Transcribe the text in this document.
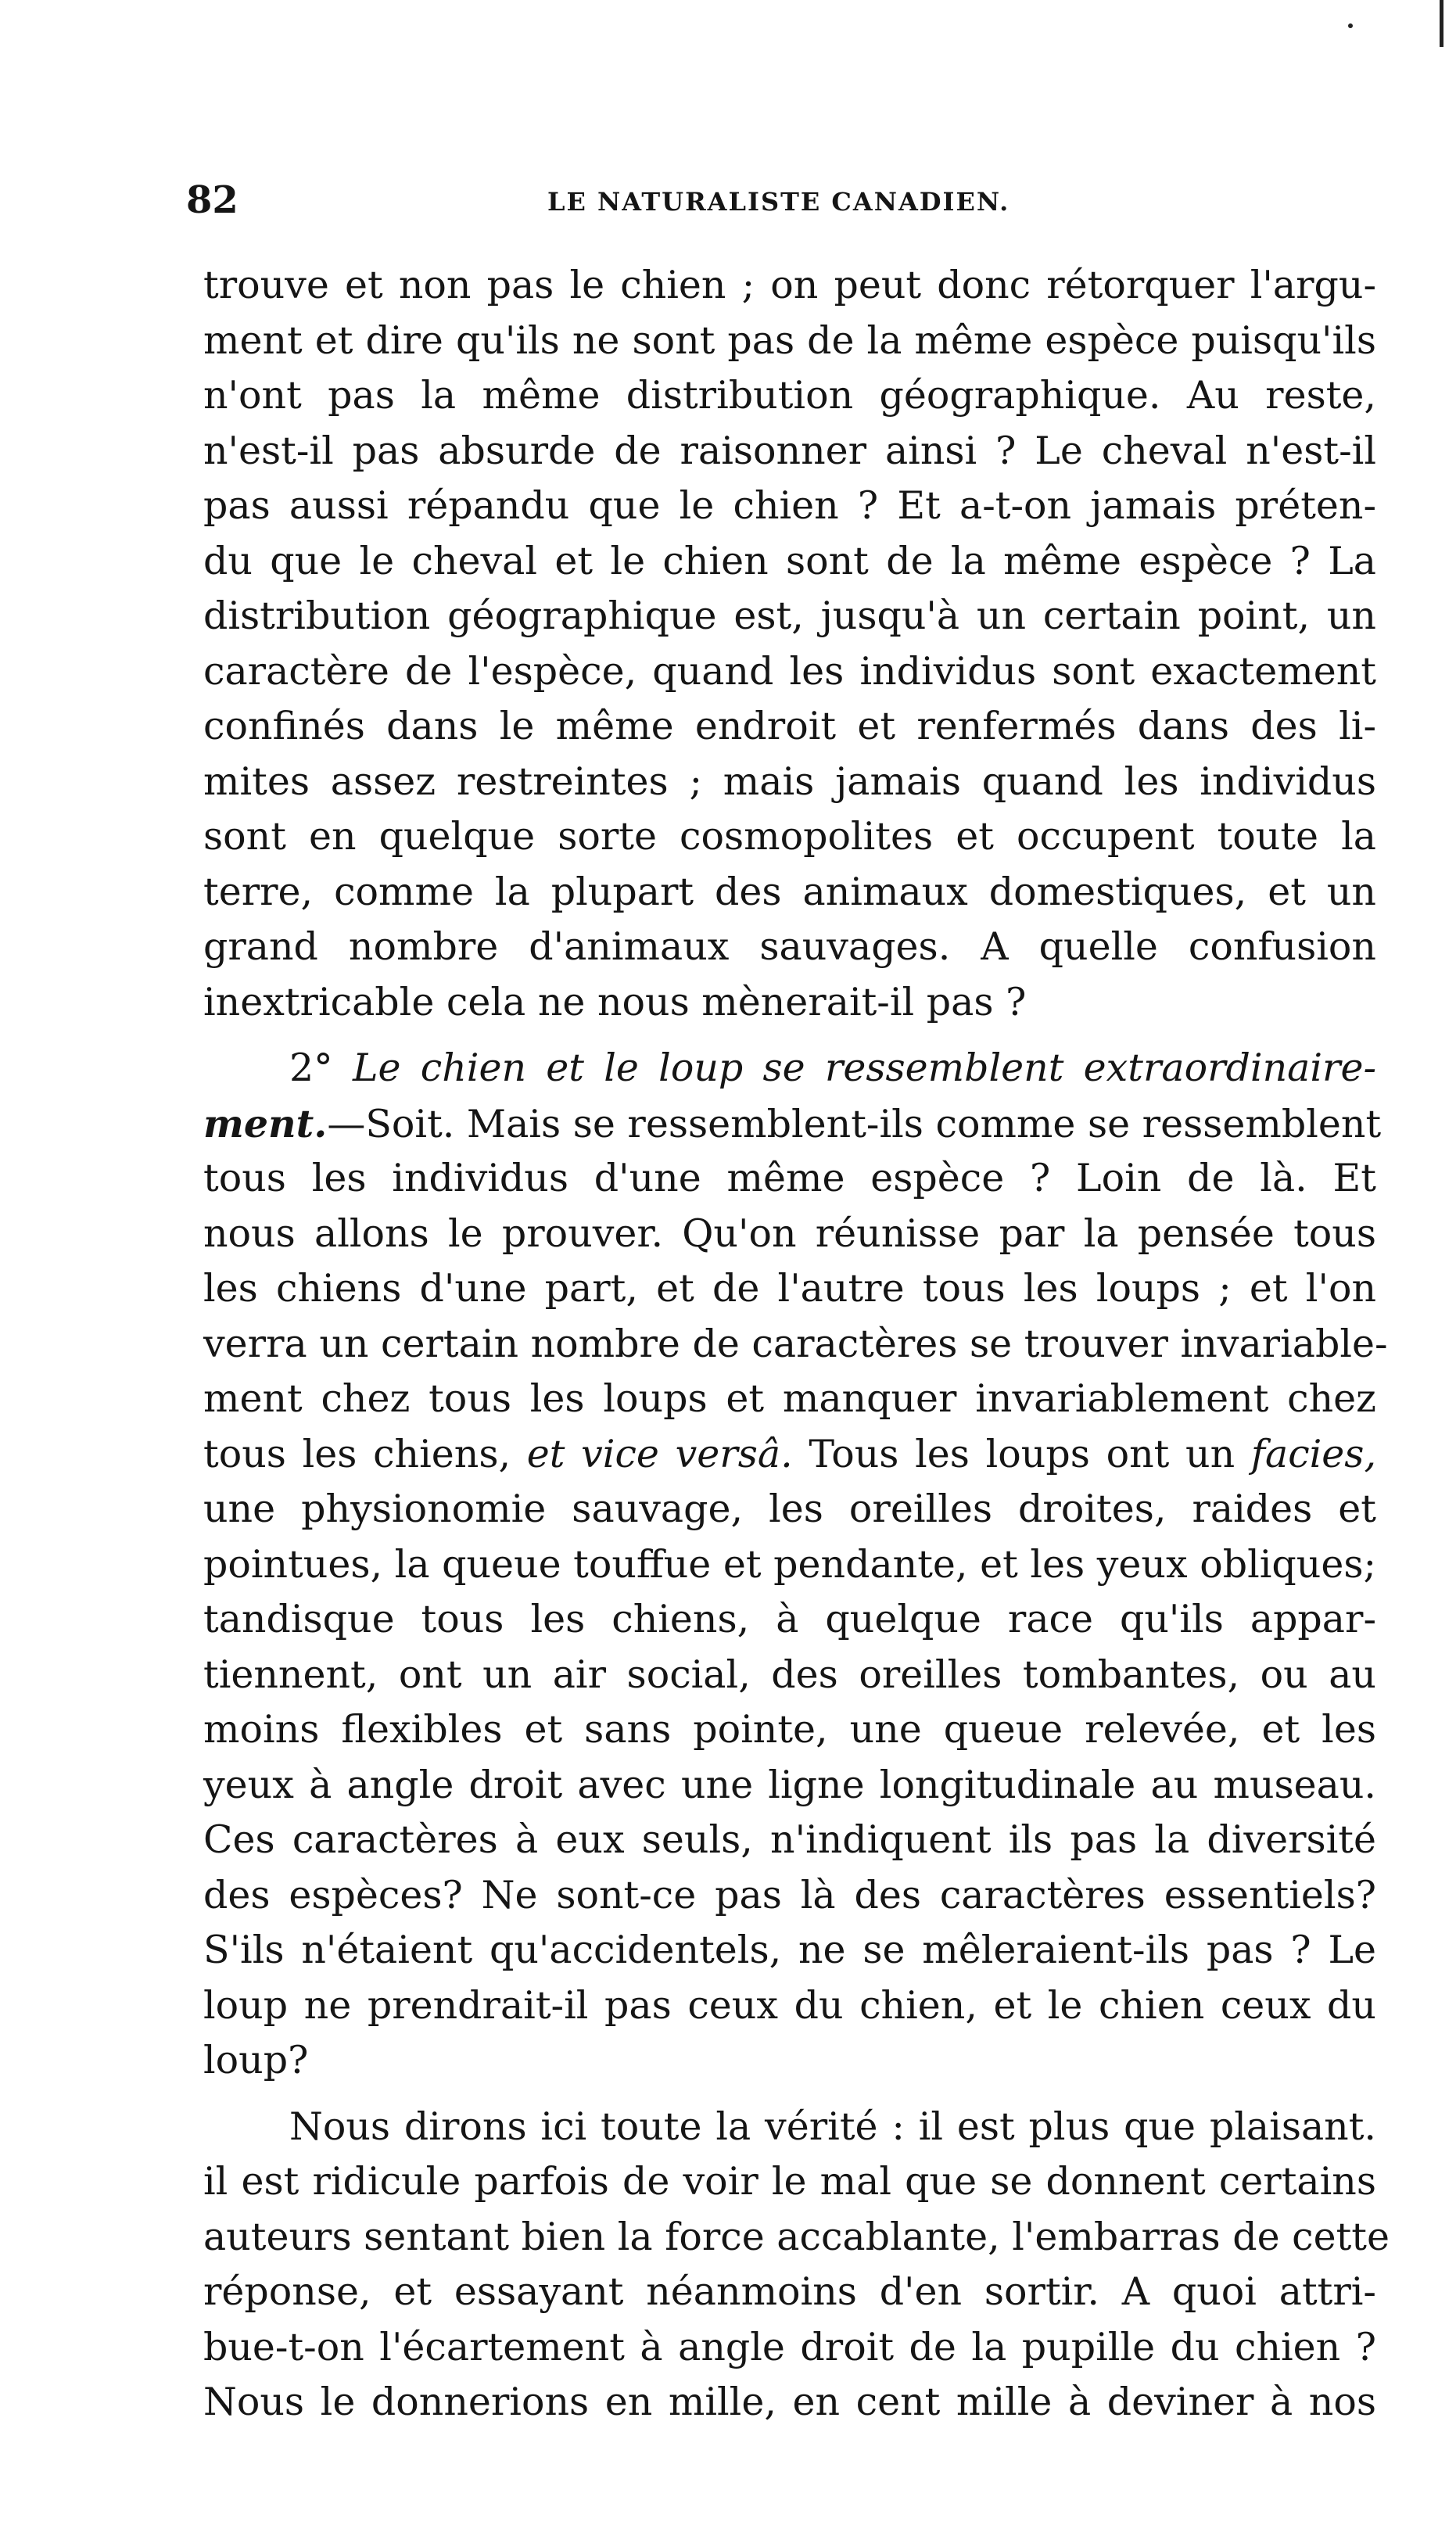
82	LE NATURALISTE CANADIEN.
trouve et non pas le chien ; on peut donc rétorquer l'argu-
ment et dire qu'ils ne sont pas de la même espèce puisqu'ils
n'ont pas la même distribution géographique. Au reste,
n'est-il pas absurde de raisonner ainsi ? Le cheval n'est-il
pas aussi répandu que le chien ? Et a-t-on jamais préten-
du que le cheval et le chien sont de la même espèce ? La
distribution géographique est, jusqu'à un certain point, un
caractère de l'espèce, quand les individus sont exactement
confinés dans le même endroit et renfermés dans des li-
mites assez restreintes ; mais jamais quand les individus
sont en quelque sorte cosmopolites et occupent toute la
terre, comme la plupart des animaux domestiques, et un
grand nombre d'animaux sauvages. A quelle confusion
inextricable cela ne nous mènerait-il pas ?
2° Le chien et le loup se ressemblent extraordinaire-
ment.—Soit. Mais se ressemblent-ils comme se ressemblent
tous les individus d'une même espèce ? Loin de là. Et
nous allons le prouver. Qu'on réunisse par la pensée tous
les chiens d'une part, et de l'autre tous les loups ; et l'on
verra un certain nombre de caractères se trouver invariable-
ment chez tous les loups et manquer invariablement chez
tous les chiens, et vice versâ. Tous les loups ont un facies,
une physionomie sauvage, les oreilles droites, raides et
pointues, la queue touffue et pendante, et les yeux obliques;
tandisque tous les chiens, à quelque race qu'ils appar-
tiennent, ont un air social, des oreilles tombantes, ou au
moins flexibles et sans pointe, une queue relevée, et les
yeux à angle droit avec une ligne longitudinale au museau.
Ces caractères à eux seuls, n'indiquent ils pas la diversité
des espèces? Ne sont-ce pas là des caractères essentiels?
S'ils n'étaient qu'accidentels, ne se mêleraient-ils pas ? Le
loup ne prendrait-il pas ceux du chien, et le chien ceux du
loup?
Nous dirons ici toute la vérité : il est plus que plaisant.
il est ridicule parfois de voir le mal que se donnent certains
auteurs sentant bien la force accablante, l'embarras de cette
réponse, et essayant néanmoins d'en sortir. A quoi attri-
bue-t-on l'écartement à angle droit de la pupille du chien ?
Nous le donnerions en mille, en cent mille à deviner à nos
